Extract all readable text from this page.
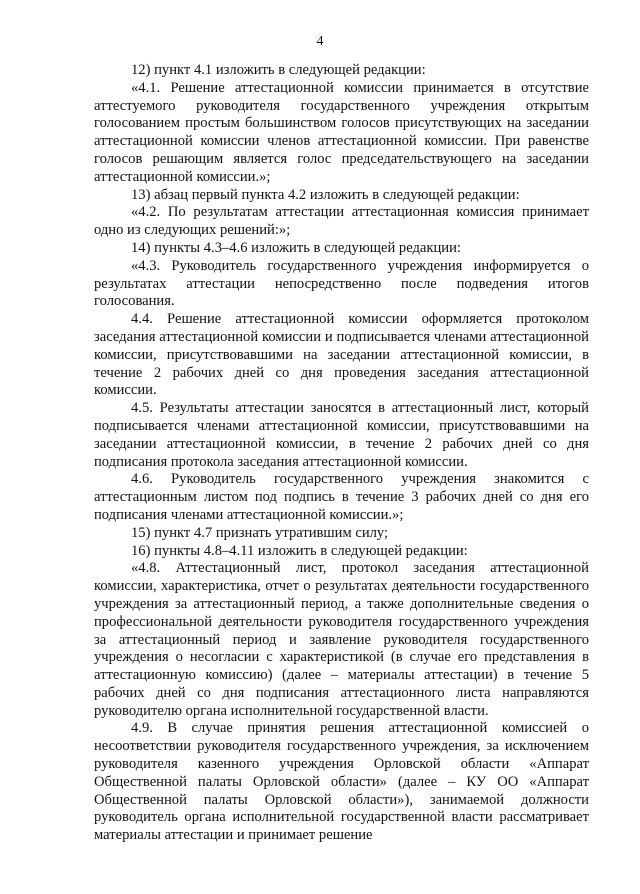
4

12) пункт 4.1 изложить в следующей редакции:

«4.1. Решение аттестационной комиссии принимается в отсутствие аттестуемого руководителя государственного учреждения открытым голосованием простым большинством голосов присутствующих на заседании аттестационной комиссии членов аттестационной комиссии. При равенстве голосов решающим является голос председательствующего на заседании аттестационной комиссии.»;

13) абзац первый пункта 4.2 изложить в следующей редакции:

«4.2. По результатам аттестации аттестационная комиссия принимает одно из следующих решений:»;

14) пункты 4.3–4.6 изложить в следующей редакции:

«4.3. Руководитель государственного учреждения информируется о результатах аттестации непосредственно после подведения итогов голосования.

4.4. Решение аттестационной комиссии оформляется протоколом заседания аттестационной комиссии и подписывается членами аттестационной комиссии, присутствовавшими на заседании аттестационной комиссии, в течение 2 рабочих дней со дня проведения заседания аттестационной комиссии.

4.5. Результаты аттестации заносятся в аттестационный лист, который подписывается членами аттестационной комиссии, присутствовавшими на заседании аттестационной комиссии, в течение 2 рабочих дней со дня подписания протокола заседания аттестационной комиссии.

4.6. Руководитель государственного учреждения знакомится с аттестационным листом под подпись в течение 3 рабочих дней со дня его подписания членами аттестационной комиссии.»;

15) пункт 4.7 признать утратившим силу;

16) пункты 4.8–4.11 изложить в следующей редакции:

«4.8. Аттестационный лист, протокол заседания аттестационной комиссии, характеристика, отчет о результатах деятельности государственного учреждения за аттестационный период, а также дополнительные сведения о профессиональной деятельности руководителя государственного учреждения за аттестационный период и заявление руководителя государственного учреждения о несогласии с характеристикой (в случае его представления в аттестационную комиссию) (далее – материалы аттестации) в течение 5 рабочих дней со дня подписания аттестационного листа направляются руководителю органа исполнительной государственной власти.

4.9. В случае принятия решения аттестационной комиссией о несоответствии руководителя государственного учреждения, за исключением руководителя казенного учреждения Орловской области «Аппарат Общественной палаты Орловской области» (далее – КУ ОО «Аппарат Общественной палаты Орловской области»), занимаемой должности руководитель органа исполнительной государственной власти рассматривает материалы аттестации и принимает решение
